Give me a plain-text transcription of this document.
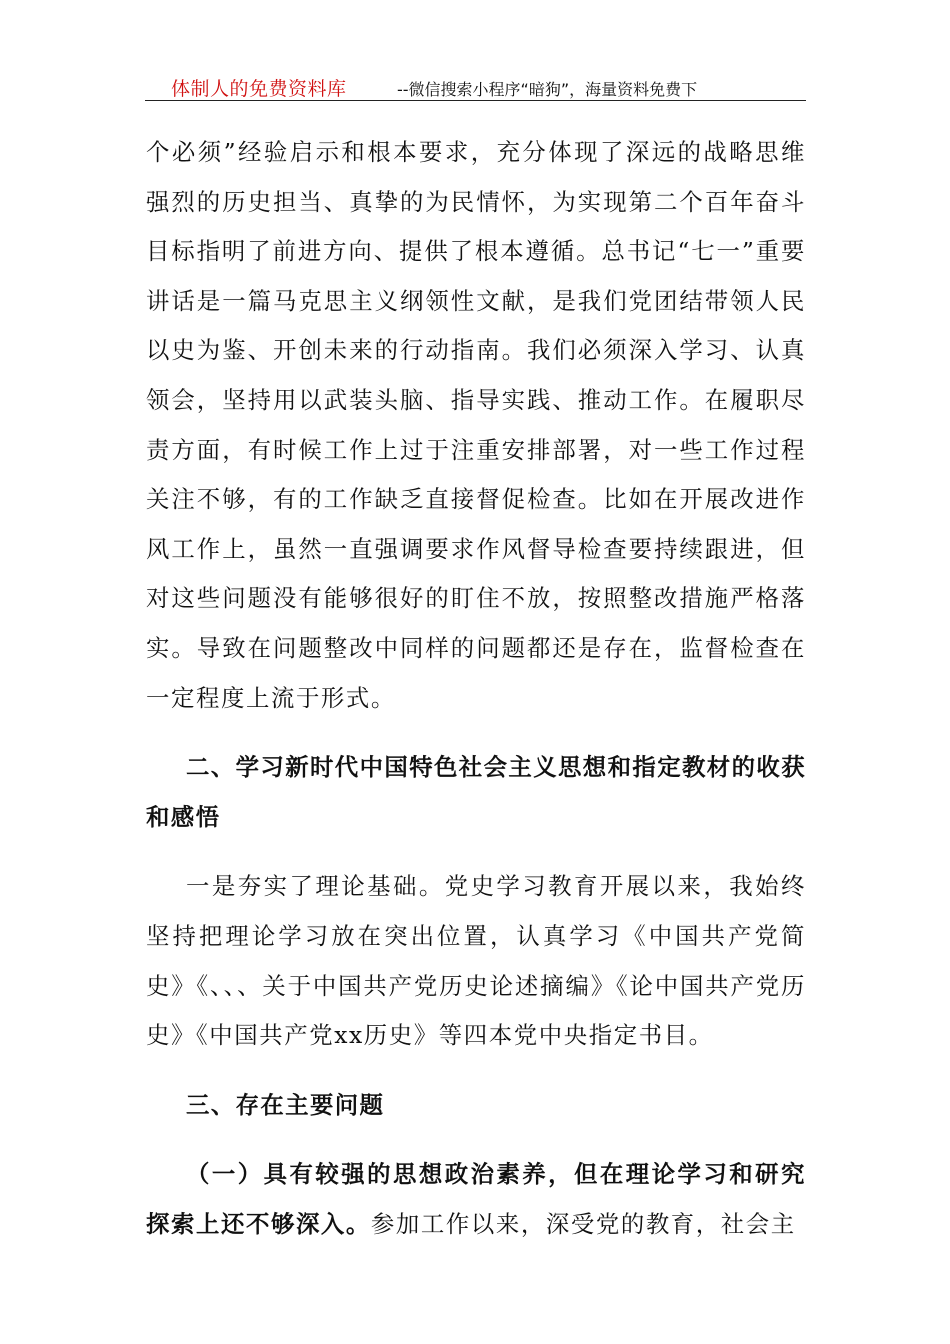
体制人的免费资料库	--微信搜索小程序“暗狗”，海量资料免费下

个必须”经验启示和根本要求，充分体现了深远的战略思维强烈的历史担当、真挚的为民情怀，为实现第二个百年奋斗目标指明了前进方向、提供了根本遵循。总书记“七一”重要讲话是一篇马克思主义纲领性文献，是我们党团结带领人民以史为鉴、开创未来的行动指南。我们必须深入学习、认真领会，坚持用以武装头脑、指导实践、推动工作。在履职尽责方面，有时候工作上过于注重安排部署，对一些工作过程关注不够，有的工作缺乏直接督促检查。比如在开展改进作风工作上，虽然一直强调要求作风督导检查要持续跟进，但对这些问题没有能够很好的盯住不放，按照整改措施严格落实。导致在问题整改中同样的问题都还是存在，监督检查在一定程度上流于形式。

二、学习新时代中国特色社会主义思想和指定教材的收获和感悟

一是夯实了理论基础。党史学习教育开展以来，我始终坚持把理论学习放在突出位置，认真学习《中国共产党简史》《、、、关于中国共产党历史论述摘编》《论中国共产党历史》《中国共产党xx历史》等四本党中央指定书目。

三、存在主要问题

（一）具有较强的思想政治素养，但在理论学习和研究探索上还不够深入。参加工作以来，深受党的教育，社会主
